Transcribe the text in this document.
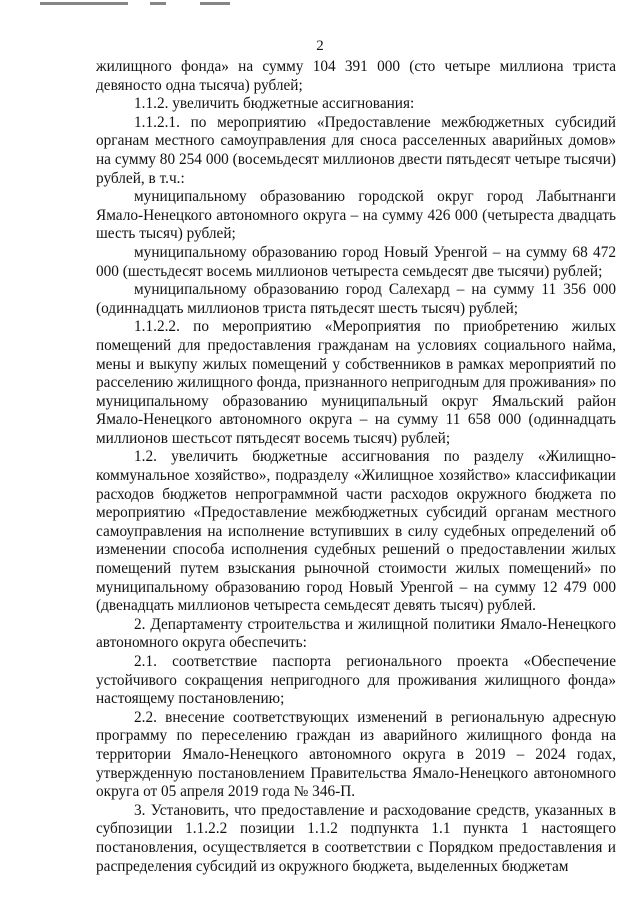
2

жилищного фонда» на сумму 104 391 000 (сто четыре миллиона триста девяносто одна тысяча) рублей;

1.1.2. увеличить бюджетные ассигнования:

1.1.2.1. по мероприятию «Предоставление межбюджетных субсидий органам местного самоуправления для сноса расселенных аварийных домов» на сумму 80 254 000 (восемьдесят миллионов двести пятьдесят четыре тысячи) рублей, в т.ч.:

муниципальному образованию городской округ город Лабытнанги Ямало-Ненецкого автономного округа – на сумму 426 000 (четыреста двадцать шесть тысяч) рублей;

муниципальному образованию город Новый Уренгой – на сумму 68 472 000 (шестьдесят восемь миллионов четыреста семьдесят две тысячи) рублей;

муниципальному образованию город Салехард – на сумму 11 356 000 (одиннадцать миллионов триста пятьдесят шесть тысяч) рублей;

1.1.2.2. по мероприятию «Мероприятия по приобретению жилых помещений для предоставления гражданам на условиях социального найма, мены и выкупу жилых помещений у собственников в рамках мероприятий по расселению жилищного фонда, признанного непригодным для проживания» по муниципальному образованию муниципальный округ Ямальский район Ямало-Ненецкого автономного округа – на сумму 11 658 000 (одиннадцать миллионов шестьсот пятьдесят восемь тысяч) рублей;

1.2. увеличить бюджетные ассигнования по разделу «Жилищно-коммунальное хозяйство», подразделу «Жилищное хозяйство» классификации расходов бюджетов непрограммной части расходов окружного бюджета по мероприятию «Предоставление межбюджетных субсидий органам местного самоуправления на исполнение вступивших в силу судебных определений об изменении способа исполнения судебных решений о предоставлении жилых помещений путем взыскания рыночной стоимости жилых помещений» по муниципальному образованию город Новый Уренгой – на сумму 12 479 000 (двенадцать миллионов четыреста семьдесят девять тысяч) рублей.

2. Департаменту строительства и жилищной политики Ямало-Ненецкого автономного округа обеспечить:

2.1. соответствие паспорта регионального проекта «Обеспечение устойчивого сокращения непригодного для проживания жилищного фонда» настоящему постановлению;

2.2. внесение соответствующих изменений в региональную адресную программу по переселению граждан из аварийного жилищного фонда на территории Ямало-Ненецкого автономного округа в 2019 – 2024 годах, утвержденную постановлением Правительства Ямало-Ненецкого автономного округа от 05 апреля 2019 года № 346-П.

3. Установить, что предоставление и расходование средств, указанных в субпозиции 1.1.2.2 позиции 1.1.2 подпункта 1.1 пункта 1 настоящего постановления, осуществляется в соответствии с Порядком предоставления и распределения субсидий из окружного бюджета, выделенных бюджетам
